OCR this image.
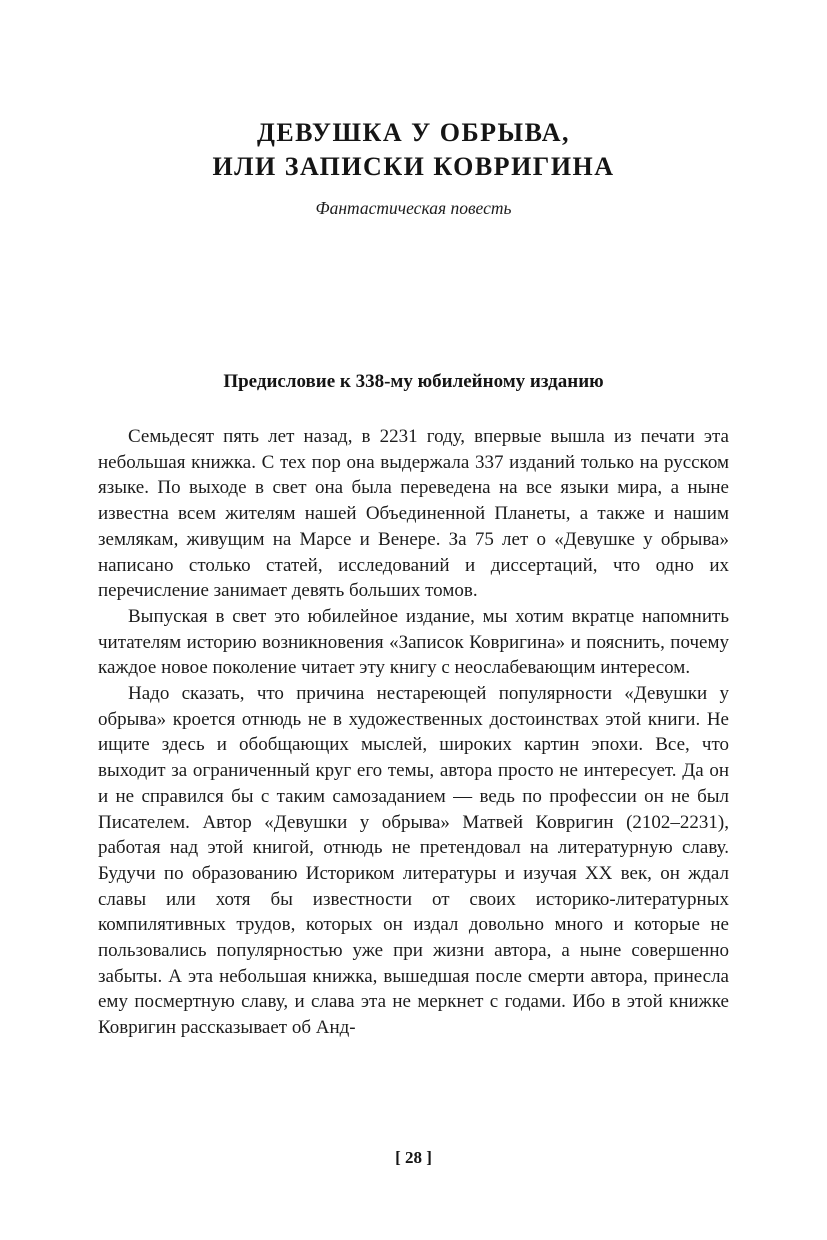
ДЕВУШКА У ОБРЫВА,
ИЛИ ЗАПИСКИ КОВРИГИНА
Фантастическая повесть
Предисловие к 338-му юбилейному изданию

Семьдесят пять лет назад, в 2231 году, впервые вышла из печати эта небольшая книжка. С тех пор она выдержала 337 изданий только на русском языке. По выходе в свет она была переведена на все языки мира, а ныне известна всем жителям нашей Объединенной Планеты, а также и нашим землякам, живущим на Марсе и Венере. За 75 лет о «Девушке у обрыва» написано столько статей, исследований и диссертаций, что одно их перечисление занимает девять больших томов.

Выпуская в свет это юбилейное издание, мы хотим вкратце напомнить читателям историю возникновения «Записок Ковригина» и пояснить, почему каждое новое поколение читает эту книгу с неослабевающим интересом.

Надо сказать, что причина нестареющей популярности «Девушки у обрыва» кроется отнюдь не в художественных достоинствах этой книги. Не ищите здесь и обобщающих мыслей, широких картин эпохи. Все, что выходит за ограниченный круг его темы, автора просто не интересует. Да он и не справился бы с таким самозаданием — ведь по профессии он не был Писателем. Автор «Девушки у обрыва» Матвей Ковригин (2102–2231), работая над этой книгой, отнюдь не претендовал на литературную славу. Будучи по образованию Историком литературы и изучая XX век, он ждал славы или хотя бы известности от своих историко-литературных компилятивных трудов, которых он издал довольно много и которые не пользовались популярностью уже при жизни автора, а ныне совершенно забыты. А эта небольшая книжка, вышедшая после смерти автора, принесла ему посмертную славу, и слава эта не меркнет с годами. Ибо в этой книжке Ковригин рассказывает об Анд-

[ 28 ]
